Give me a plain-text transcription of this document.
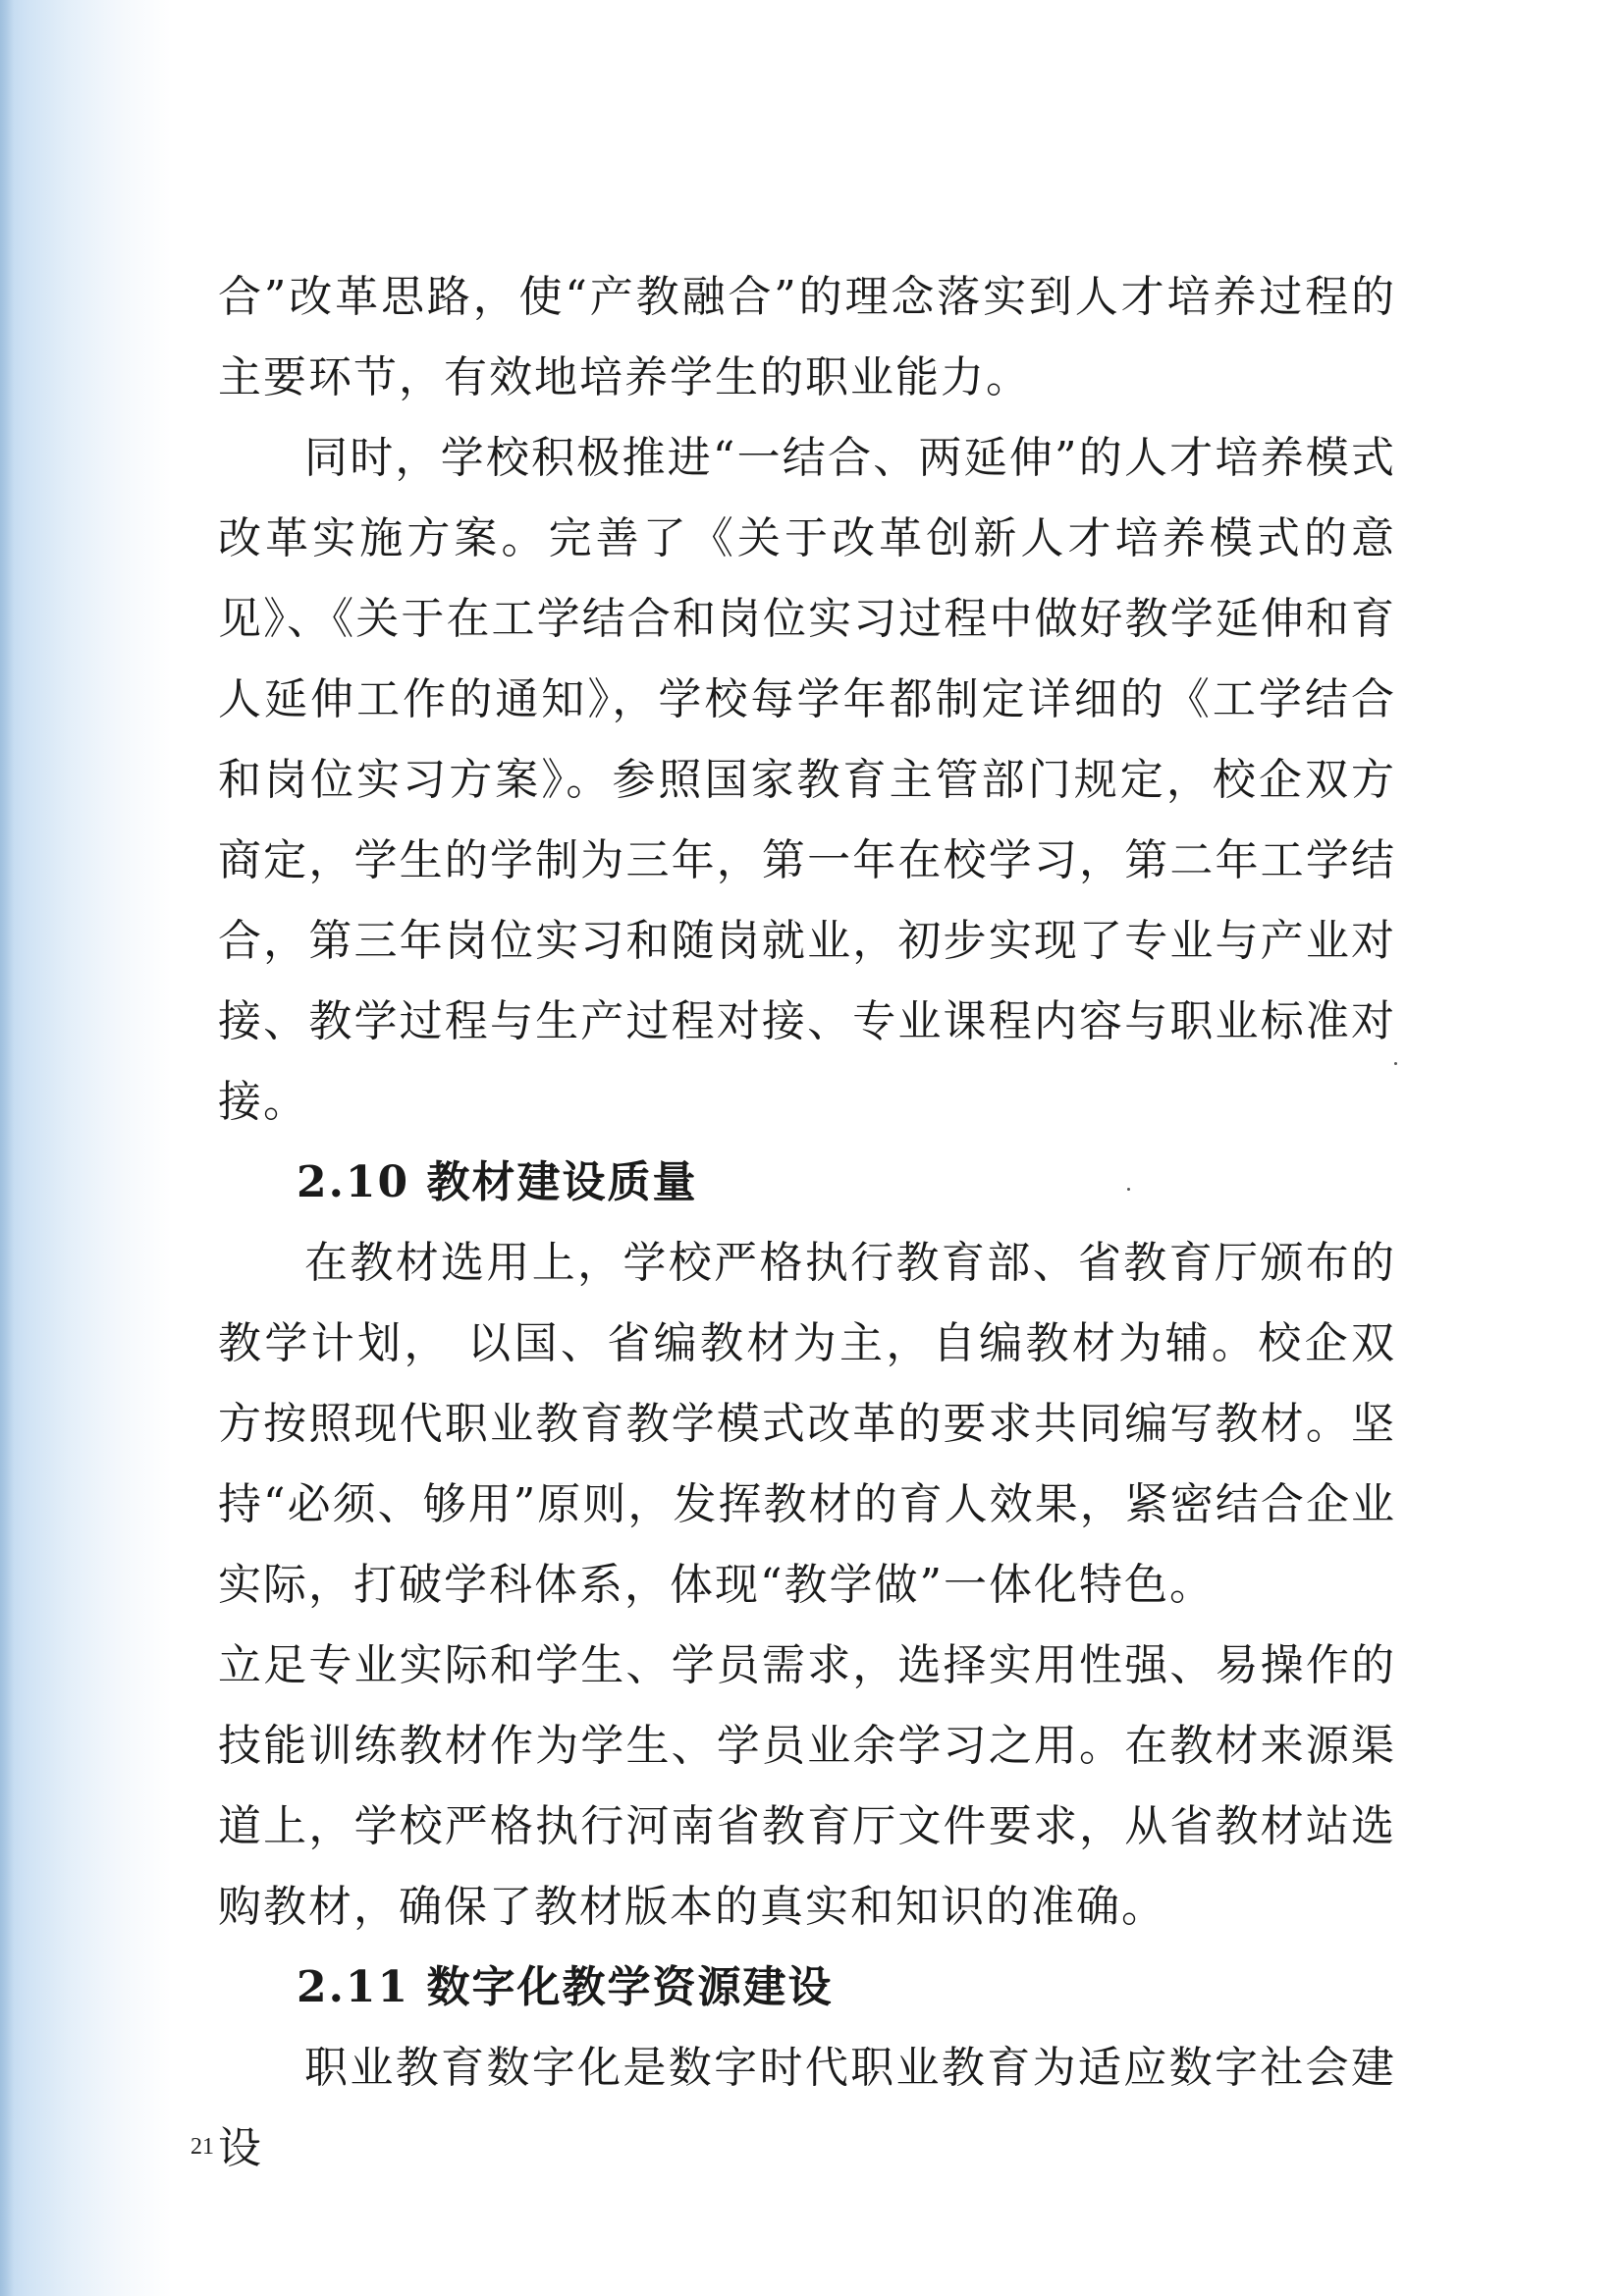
合”改革思路，使“产教融合”的理念落实到人才培养过程的主要环节，有效地培养学生的职业能力。

同时，学校积极推进“一结合、两延伸”的人才培养模式改革实施方案。完善了《关于改革创新人才培养模式的意见》、《关于在工学结合和岗位实习过程中做好教学延伸和育人延伸工作的通知》，学校每学年都制定详细的《工学结合和岗位实习方案》。参照国家教育主管部门规定，校企双方商定，学生的学制为三年，第一年在校学习，第二年工学结合，第三年岗位实习和随岗就业，初步实现了专业与产业对接、教学过程与生产过程对接、专业课程内容与职业标准对接。

2.10 教材建设质量

在教材选用上，学校严格执行教育部、省教育厅颁布的教学计划， 以国、省编教材为主，自编教材为辅。校企双方按照现代职业教育教学模式改革的要求共同编写教材。坚持“必须、够用”原则，发挥教材的育人效果，紧密结合企业实际，打破学科体系，体现“教学做”一体化特色。

立足专业实际和学生、学员需求，选择实用性强、易操作的技能训练教材作为学生、学员业余学习之用。在教材来源渠道上，学校严格执行河南省教育厅文件要求，从省教材站选购教材，确保了教材版本的真实和知识的准确。

2.11 数字化教学资源建设

职业教育数字化是数字时代职业教育为适应数字社会建设

21
